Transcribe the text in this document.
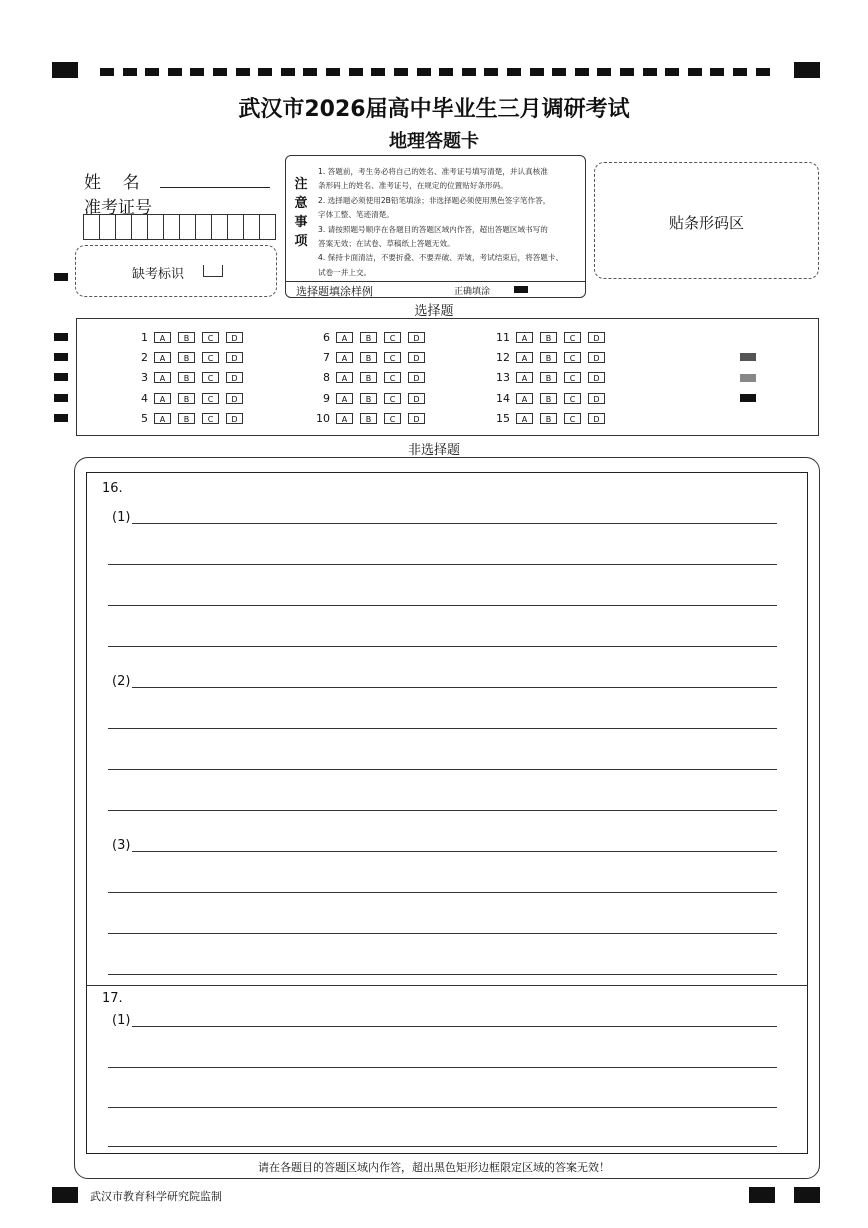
武汉市2026届高中毕业生三月调研考试
地理答题卡
姓    名
准考证号
缺考标识
注
意
事
项
1. 答题前，考生务必将自己的姓名、准考证号填写清楚，并认真核准
条形码上的姓名、准考证号，在规定的位置贴好条形码。
2. 选择题必须使用2B铅笔填涂；非选择题必须使用黑色签字笔作答，
字体工整、笔迹清楚。
3. 请按照题号顺序在各题目的答题区域内作答，超出答题区域书写的
答案无效；在试卷、草稿纸上答题无效。
4. 保持卡面清洁，不要折叠、不要弄破、弄皱，考试结束后，将答题卡、
试卷一并上交。
选择题填涂样例	正确填涂
贴条形码区
选择题
1	A	B	C	D
2	A	B	C	D
3	A	B	C	D
4	A	B	C	D
5	A	B	C	D
6	A	B	C	D
7	A	B	C	D
8	A	B	C	D
9	A	B	C	D
10	A	B	C	D
11	A	B	C	D
12	A	B	C	D
13	A	B	C	D
14	A	B	C	D
15	A	B	C	D
非选择题
16.
(1)
(2)
(3)
17.
(1)
请在各题目的答题区域内作答，超出黑色矩形边框限定区域的答案无效！
武汉市教育科学研究院监制
